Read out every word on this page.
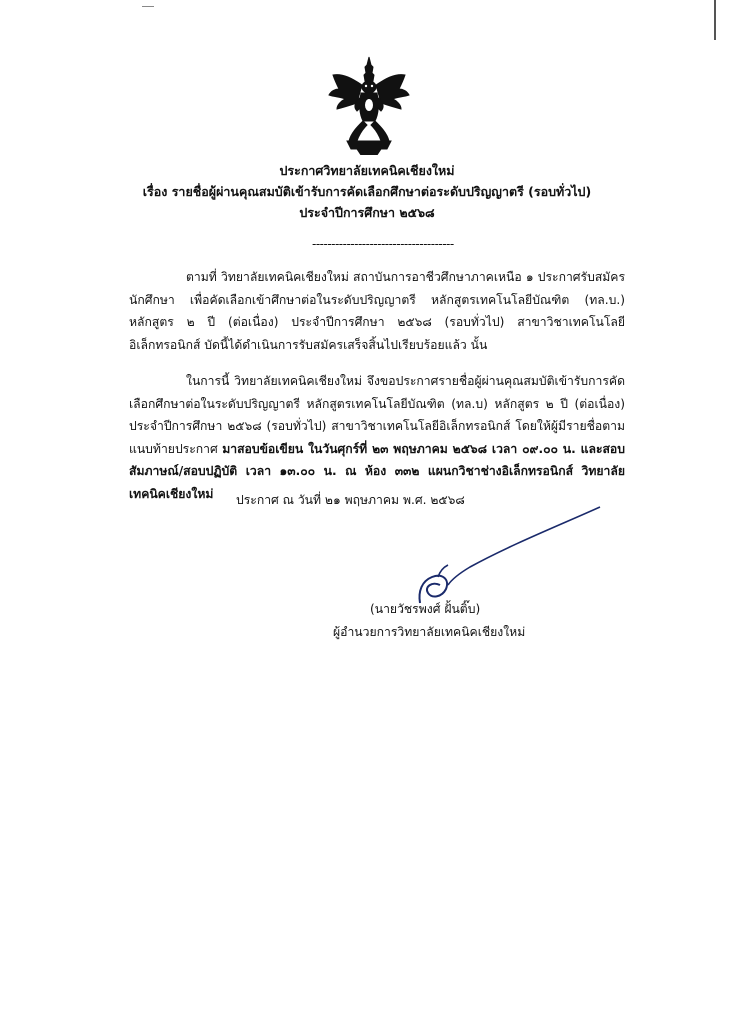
ประกาศวิทยาลัยเทคนิคเชียงใหม่
เรื่อง รายชื่อผู้ผ่านคุณสมบัติเข้ารับการคัดเลือกศึกษาต่อระดับปริญญาตรี (รอบทั่วไป)
ประจำปีการศึกษา ๒๕๖๘
-------------------------------------
ตามที่ วิทยาลัยเทคนิคเชียงใหม่ สถาบันการอาชีวศึกษาภาคเหนือ ๑ ประกาศรับสมัครนักศึกษา เพื่อคัดเลือกเข้าศึกษาต่อในระดับปริญญาตรี หลักสูตรเทคโนโลยีบัณฑิต (ทล.บ.) หลักสูตร ๒ ปี (ต่อเนื่อง) ประจำปีการศึกษา ๒๕๖๘ (รอบทั่วไป) สาขาวิชาเทคโนโลยีอิเล็กทรอนิกส์ บัดนี้ได้ดำเนินการรับสมัครเสร็จสิ้นไปเรียบร้อยแล้ว นั้น
ในการนี้ วิทยาลัยเทคนิคเชียงใหม่ จึงขอประกาศรายชื่อผู้ผ่านคุณสมบัติเข้ารับการคัดเลือกศึกษาต่อในระดับปริญญาตรี หลักสูตรเทคโนโลยีบัณฑิต (ทล.บ) หลักสูตร ๒ ปี (ต่อเนื่อง) ประจำปีการศึกษา ๒๕๖๘ (รอบทั่วไป) สาขาวิชาเทคโนโลยีอิเล็กทรอนิกส์ โดยให้ผู้มีรายชื่อตามแนบท้ายประกาศ มาสอบข้อเขียน ในวันศุกร์ที่ ๒๓ พฤษภาคม ๒๕๖๘ เวลา ๐๙.๐๐ น. และสอบสัมภาษณ์/สอบปฏิบัติ เวลา ๑๓.๐๐ น. ณ ห้อง ๓๓๒ แผนกวิชาช่างอิเล็กทรอนิกส์ วิทยาลัยเทคนิคเชียงใหม่	ประกาศ ณ วันที่ ๒๑ พฤษภาคม พ.ศ. ๒๕๖๘
(นายวัชรพงศ์ ฝั้นติ๊บ)
ผู้อำนวยการวิทยาลัยเทคนิคเชียงใหม่
